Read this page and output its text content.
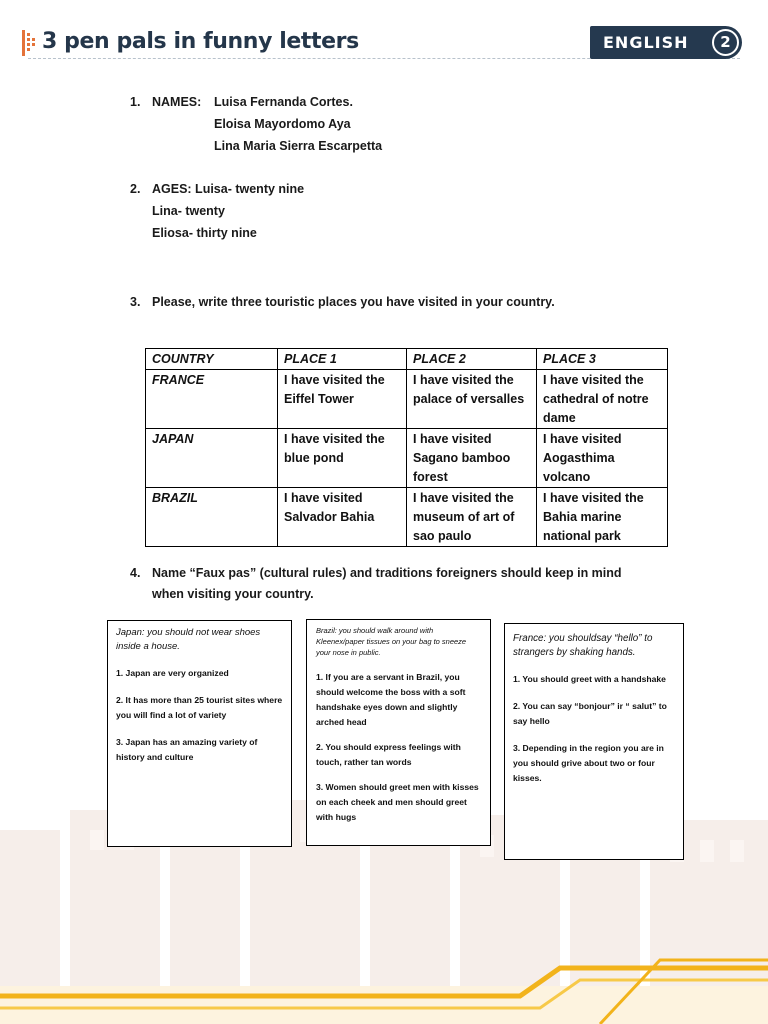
3 pen pals in funny letters	ENGLISH	2
1. NAMES: Luisa Fernanda Cortes.
Eloisa Mayordomo Aya
Lina Maria Sierra Escarpetta
2. AGES: Luisa- twenty nine
Lina- twenty
Eliosa- thirty nine
3. Please, write three touristic places you have visited in your country.
4. Name “Faux pas” (cultural rules) and traditions foreigners should keep in mind
when visiting your country.
COUNTRY	PLACE 1	PLACE 2	PLACE 3
FRANCE	I have visited the Eiffel Tower	I have visited the palace of versalles	I have visited the cathedral of notre dame
JAPAN	I have visited the blue pond	I have visited Sagano bamboo forest	I have visited Aogasthima volcano
BRAZIL	I have visited Salvador Bahia	I have visited the museum of art of sao paulo	I have visited the Bahia marine national park
Japan: you should not wear shoes inside a house.
1. Japan are very organized
2. It has more than 25 tourist sites where you will find a lot of variety
3. Japan has an amazing variety of history and culture
Brazil: you should walk around with Kleenex/paper tissues on your bag to sneeze your nose in public.
1. If you are a servant in Brazil, you should welcome the boss with a soft handshake eyes down and slightly arched head
2. You should express feelings with touch, rather tan words
3. Women should greet men with kisses on each cheek and men should greet with hugs
France: you shouldsay “hello” to strangers by shaking hands.
1. You should greet with a handshake
2. You can say “bonjour” ir “ salut” to say hello
3. Depending in the region you are in you should grive about two or four kisses.
